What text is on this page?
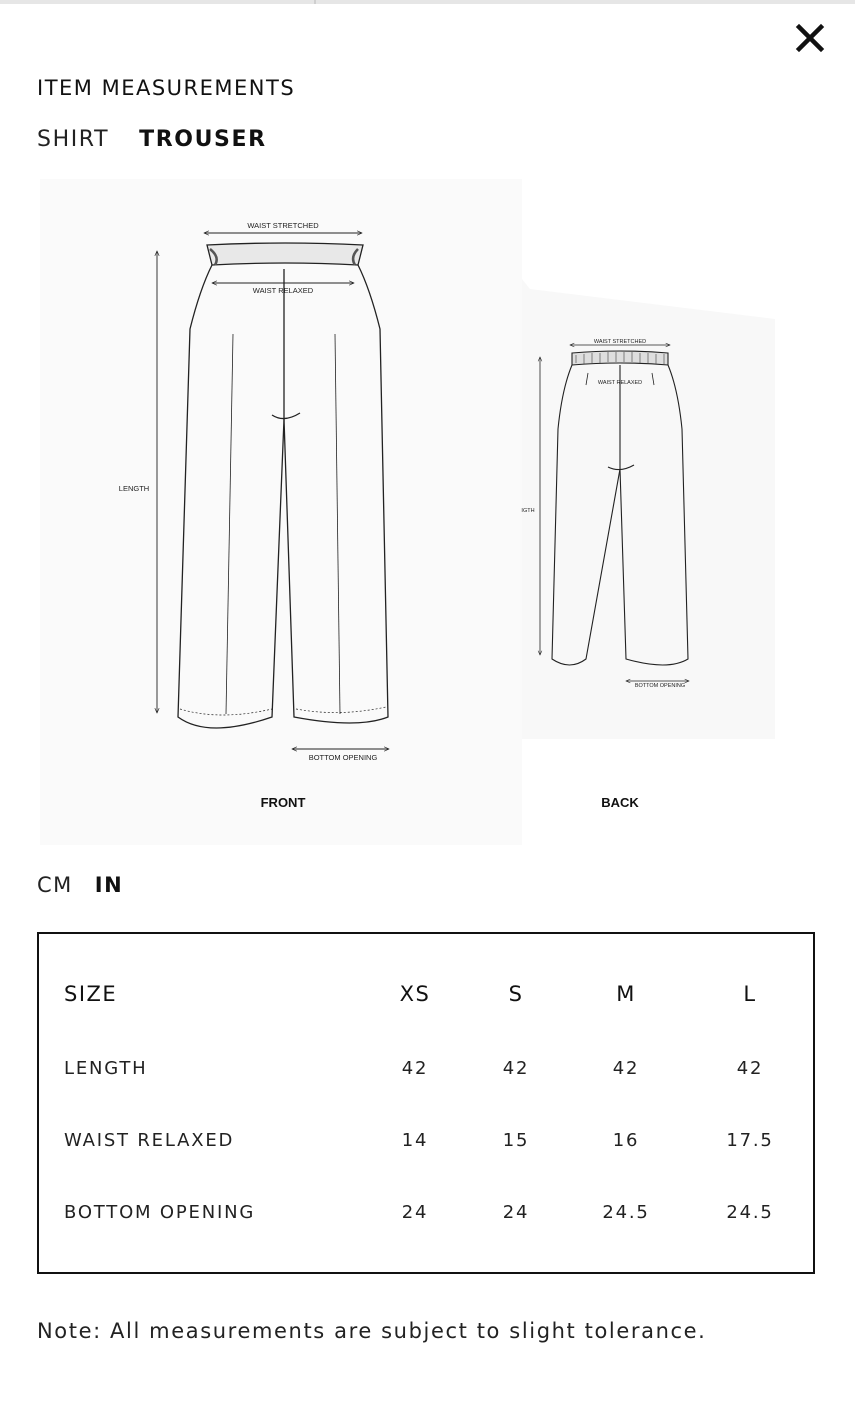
ITEM MEASUREMENTS
SHIRT TROUSER
WAIST STRETCHED
WAIST RELAXED
LENGTH
BOTTOM OPENING
FRONT
WAIST STRETCHED
WAIST RELAXED
IGTH
BOTTOM OPENING
BACK
CM IN
SIZE	XS	S	M	L
LENGTH	42	42	42	42
WAIST RELAXED	14	15	16	17.5
BOTTOM OPENING	24	24	24.5	24.5
Note: All measurements are subject to slight tolerance.
